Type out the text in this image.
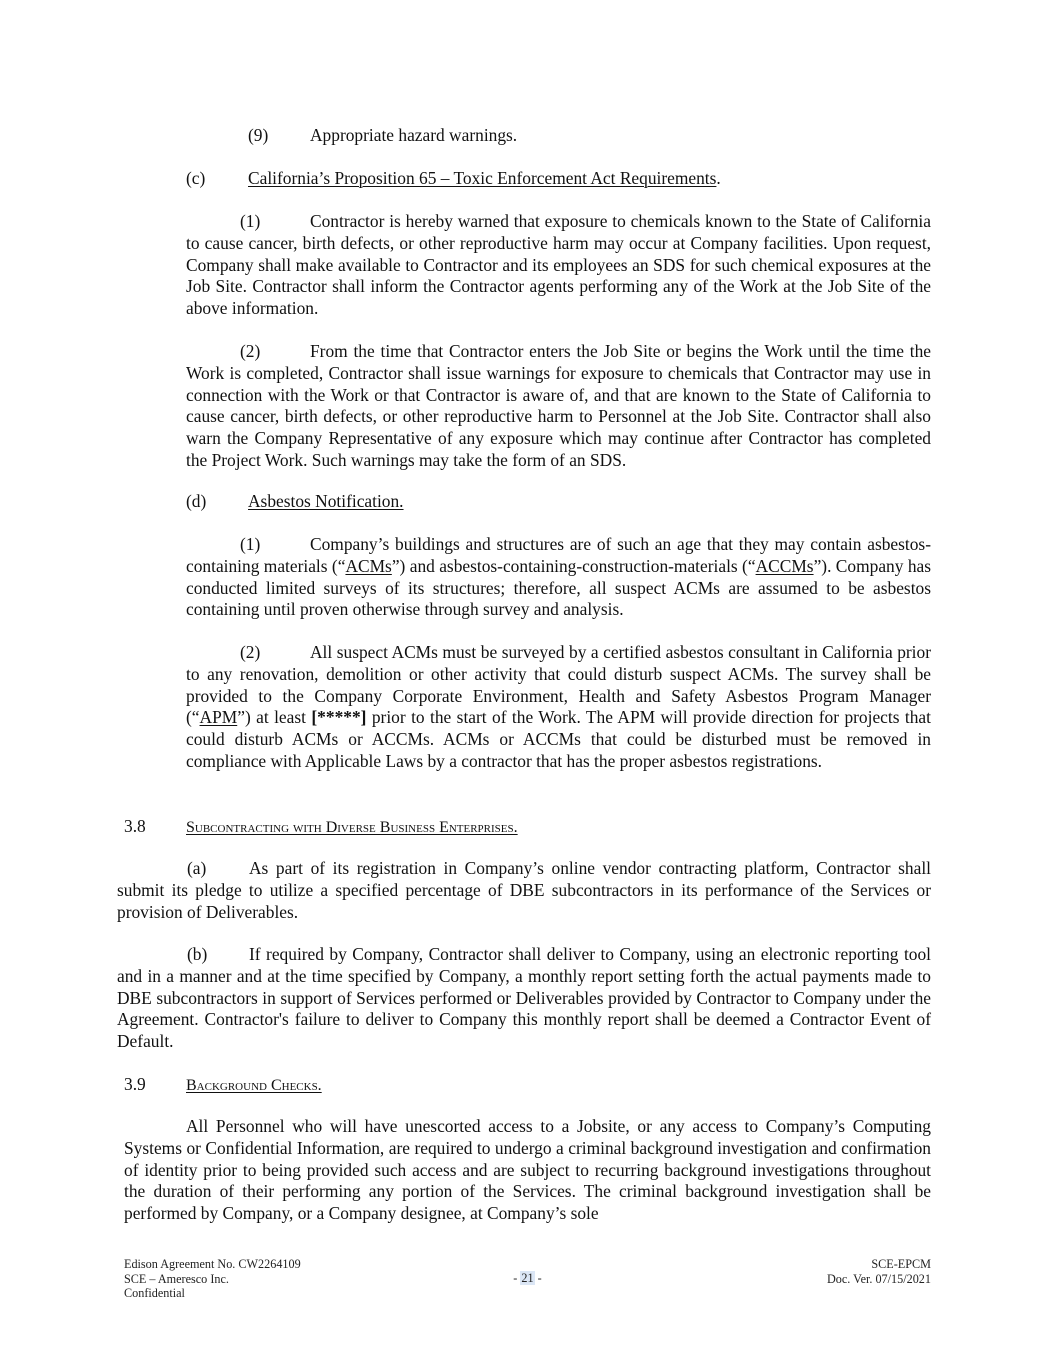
(9) Appropriate hazard warnings.
(c) California’s Proposition 65 – Toxic Enforcement Act Requirements.
(1)	Contractor is hereby warned that exposure to chemicals known to the State of California to cause cancer, birth defects, or other reproductive harm may occur at Company facilities. Upon request, Company shall make available to Contractor and its employees an SDS for such chemical exposures at the Job Site. Contractor shall inform the Contractor agents performing any of the Work at the Job Site of the above information.
(2)	From the time that Contractor enters the Job Site or begins the Work until the time the Work is completed, Contractor shall issue warnings for exposure to chemicals that Contractor may use in connection with the Work or that Contractor is aware of, and that are known to the State of California to cause cancer, birth defects, or other reproductive harm to Personnel at the Job Site. Contractor shall also warn the Company Representative of any exposure which may continue after Contractor has completed the Project Work. Such warnings may take the form of an SDS.
(d) Asbestos Notification.
(1)	Company’s buildings and structures are of such an age that they may contain asbestos-containing materials (“ACMs”) and asbestos-containing-construction-materials (“ACCMs”). Company has conducted limited surveys of its structures; therefore, all suspect ACMs are assumed to be asbestos containing until proven otherwise through survey and analysis.
(2)	All suspect ACMs must be surveyed by a certified asbestos consultant in California prior to any renovation, demolition or other activity that could disturb suspect ACMs. The survey shall be provided to the Company Corporate Environment, Health and Safety Asbestos Program Manager (“APM”) at least [*****] prior to the start of the Work. The APM will provide direction for projects that could disturb ACMs or ACCMs. ACMs or ACCMs that could be disturbed must be removed in compliance with Applicable Laws by a contractor that has the proper asbestos registrations.
3.8	Subcontracting with Diverse Business Enterprises.
(a) As part of its registration in Company’s online vendor contracting platform, Contractor shall submit its pledge to utilize a specified percentage of DBE subcontractors in its performance of the Services or provision of Deliverables.
(b) If required by Company, Contractor shall deliver to Company, using an electronic reporting tool and in a manner and at the time specified by Company, a monthly report setting forth the actual payments made to DBE subcontractors in support of Services performed or Deliverables provided by Contractor to Company under the Agreement. Contractor's failure to deliver to Company this monthly report shall be deemed a Contractor Event of Default.
3.9	Background Checks.
All Personnel who will have unescorted access to a Jobsite, or any access to Company’s Computing Systems or Confidential Information, are required to undergo a criminal background investigation and confirmation of identity prior to being provided such access and are subject to recurring background investigations throughout the duration of their performing any portion of the Services. The criminal background investigation shall be performed by Company, or a Company designee, at Company’s sole
Edison Agreement No. CW2264109
SCE – Ameresco Inc.
Confidential
- 21 -
SCE-EPCM
Doc. Ver. 07/15/2021
